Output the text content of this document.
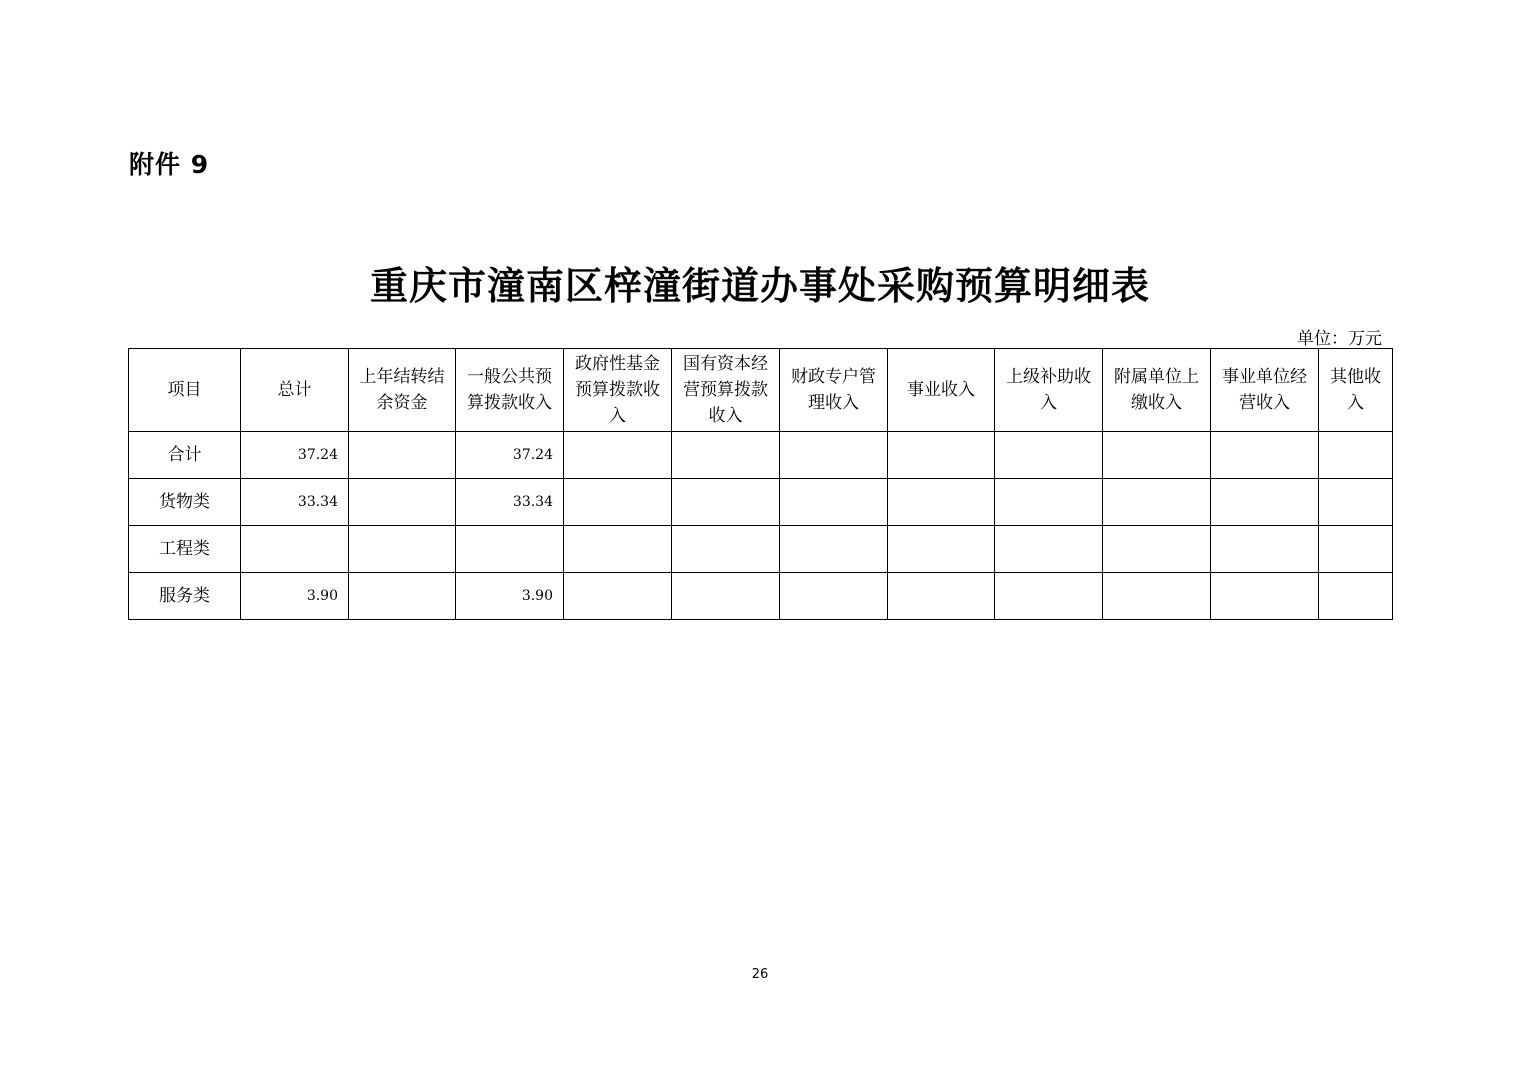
附件 9
重庆市潼南区梓潼街道办事处采购预算明细表
单位：万元
项目	总计	上年结转结余资金	一般公共预算拨款收入	政府性基金预算拨款收入	国有资本经营预算拨款收入	财政专户管理收入	事业收入	上级补助收入	附属单位上缴收入	事业单位经营收入	其他收入
合计	37.24		37.24								
货物类	33.34		33.34								
工程类											
服务类	3.90		3.90								
26
